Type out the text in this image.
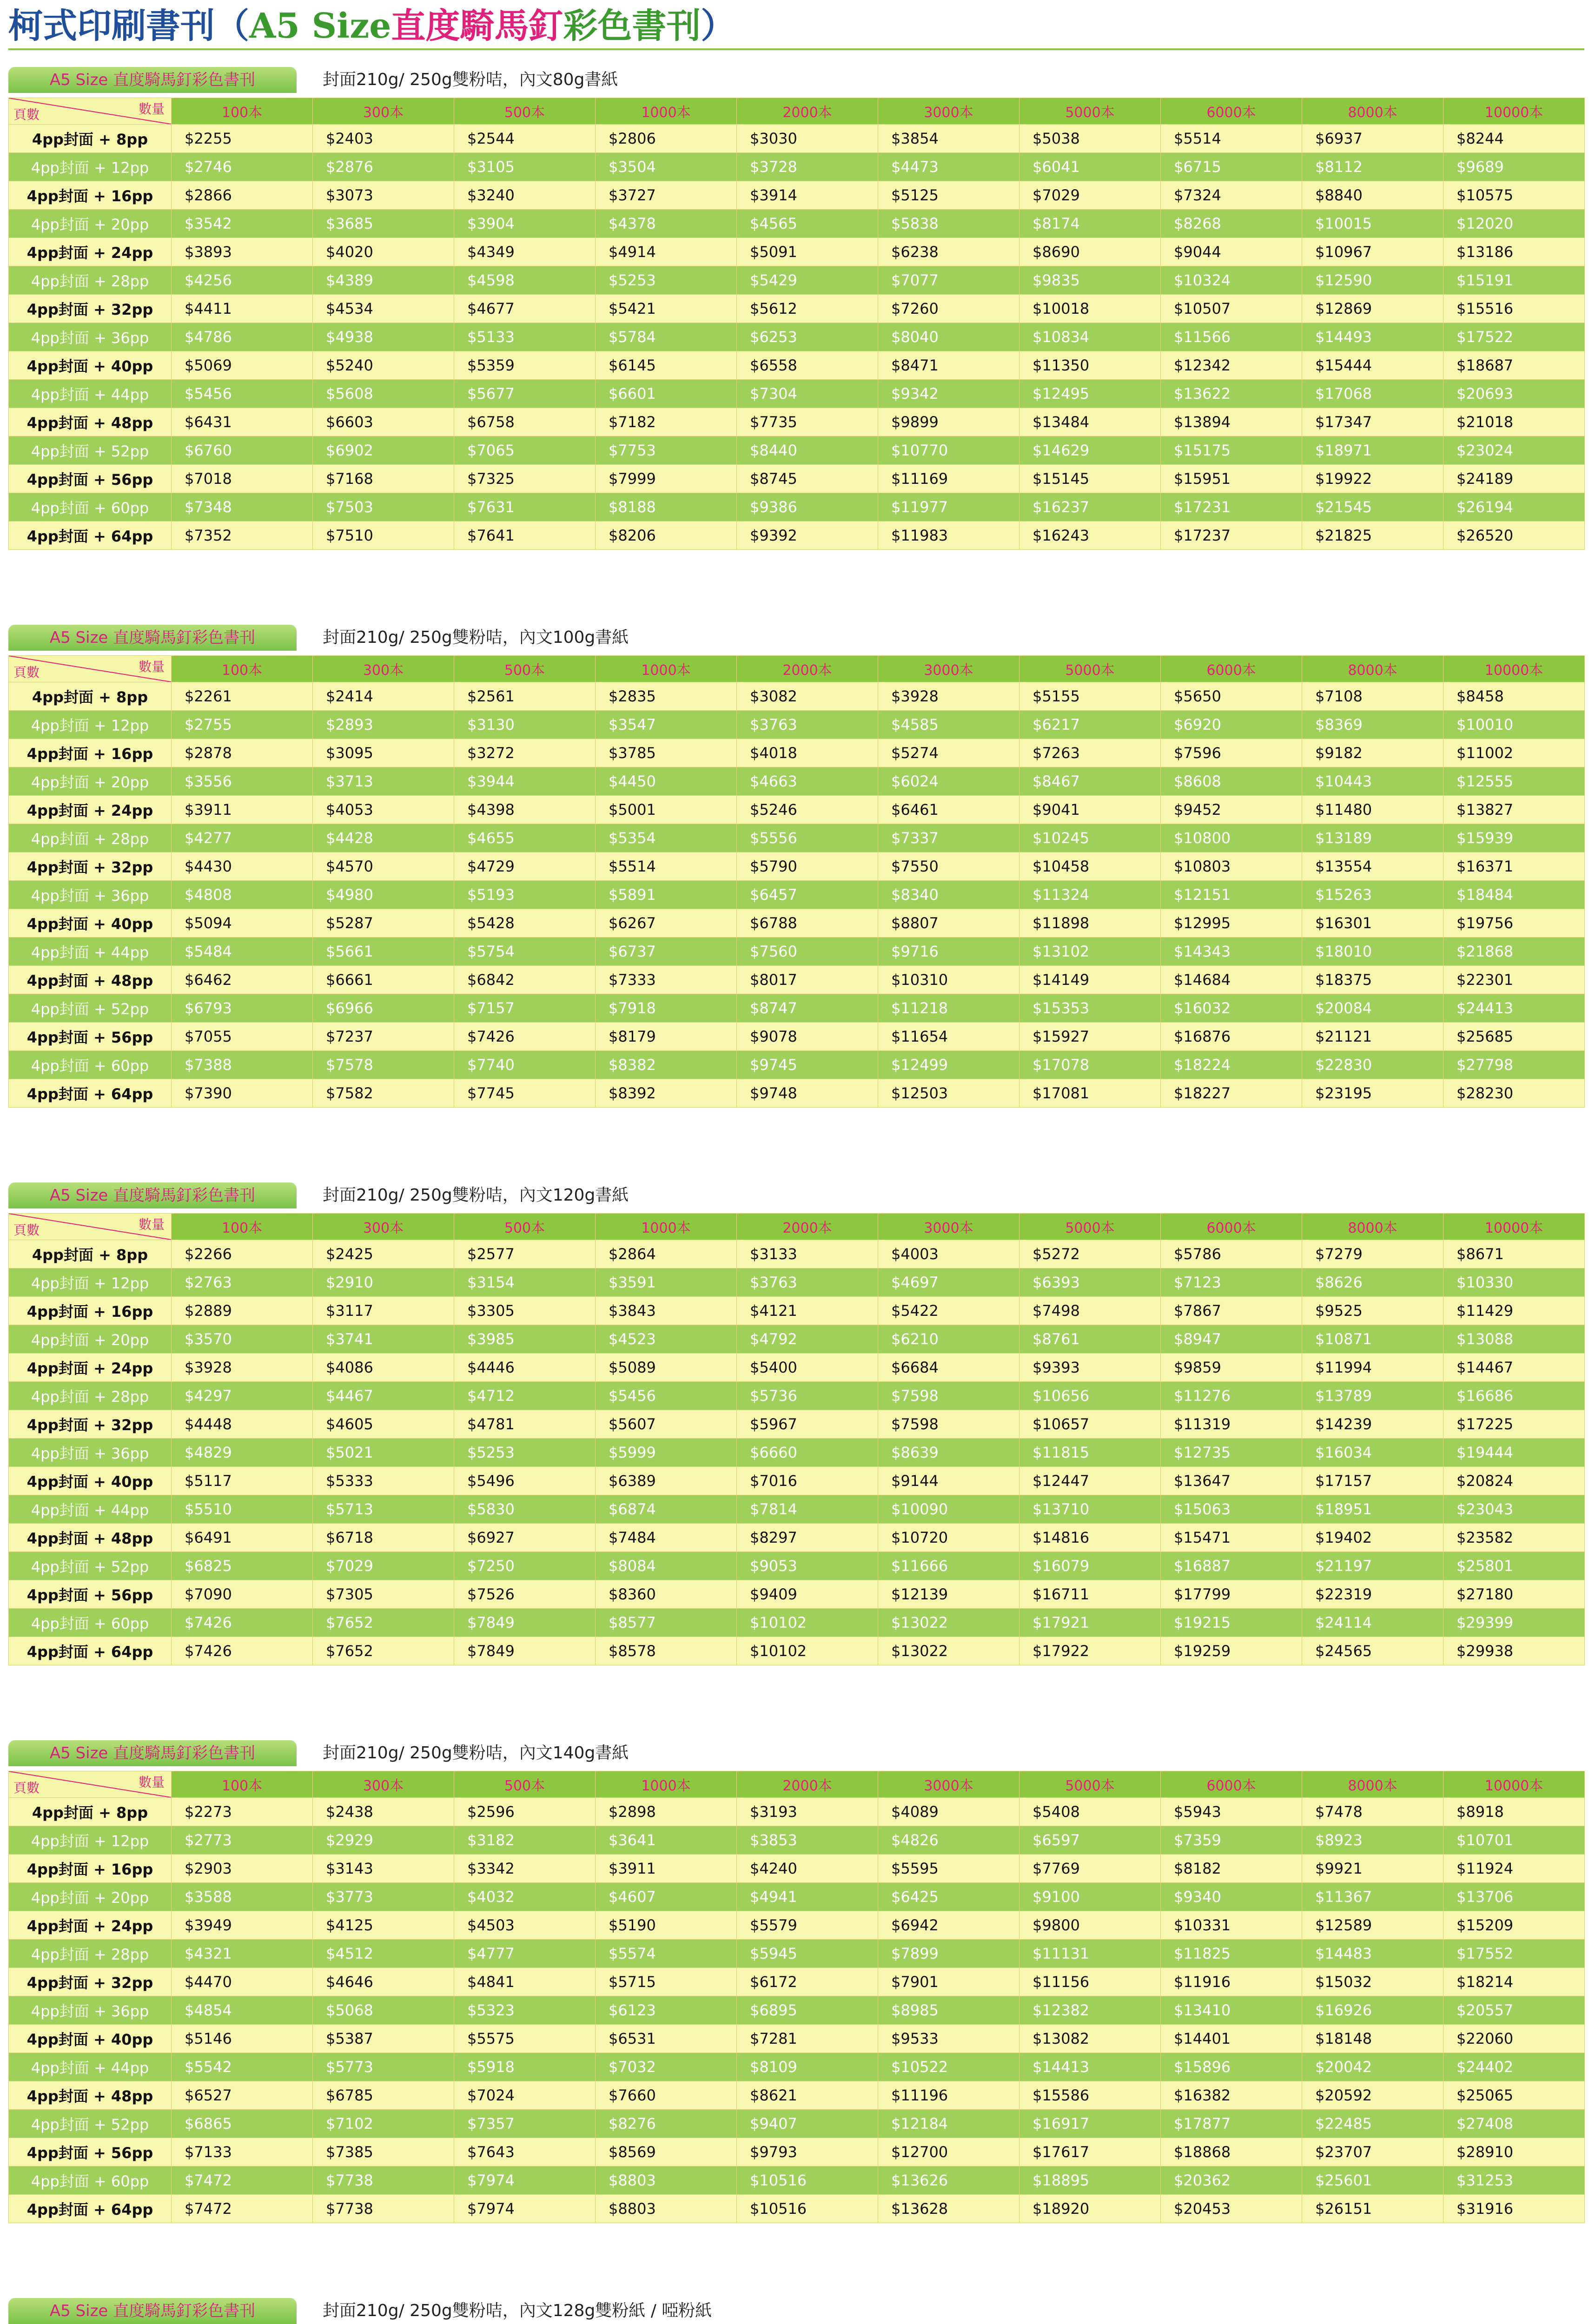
柯式印刷書刊（A5 Size直度騎馬釘彩色書刊）
A5 Size 直度騎馬釘彩色書刊	封面210g/ 250g雙粉咭，內文80g書紙
數量
頁數	100本	300本	500本	1000本	2000本	3000本	5000本	6000本	8000本	10000本
4pp封面 + 8pp	$2255	$2403	$2544	$2806	$3030	$3854	$5038	$5514	$6937	$8244
4pp封面 + 12pp	$2746	$2876	$3105	$3504	$3728	$4473	$6041	$6715	$8112	$9689
4pp封面 + 16pp	$2866	$3073	$3240	$3727	$3914	$5125	$7029	$7324	$8840	$10575
4pp封面 + 20pp	$3542	$3685	$3904	$4378	$4565	$5838	$8174	$8268	$10015	$12020
4pp封面 + 24pp	$3893	$4020	$4349	$4914	$5091	$6238	$8690	$9044	$10967	$13186
4pp封面 + 28pp	$4256	$4389	$4598	$5253	$5429	$7077	$9835	$10324	$12590	$15191
4pp封面 + 32pp	$4411	$4534	$4677	$5421	$5612	$7260	$10018	$10507	$12869	$15516
4pp封面 + 36pp	$4786	$4938	$5133	$5784	$6253	$8040	$10834	$11566	$14493	$17522
4pp封面 + 40pp	$5069	$5240	$5359	$6145	$6558	$8471	$11350	$12342	$15444	$18687
4pp封面 + 44pp	$5456	$5608	$5677	$6601	$7304	$9342	$12495	$13622	$17068	$20693
4pp封面 + 48pp	$6431	$6603	$6758	$7182	$7735	$9899	$13484	$13894	$17347	$21018
4pp封面 + 52pp	$6760	$6902	$7065	$7753	$8440	$10770	$14629	$15175	$18971	$23024
4pp封面 + 56pp	$7018	$7168	$7325	$7999	$8745	$11169	$15145	$15951	$19922	$24189
4pp封面 + 60pp	$7348	$7503	$7631	$8188	$9386	$11977	$16237	$17231	$21545	$26194
4pp封面 + 64pp	$7352	$7510	$7641	$8206	$9392	$11983	$16243	$17237	$21825	$26520
A5 Size 直度騎馬釘彩色書刊	封面210g/ 250g雙粉咭，內文100g書紙
數量
頁數	100本	300本	500本	1000本	2000本	3000本	5000本	6000本	8000本	10000本
4pp封面 + 8pp	$2261	$2414	$2561	$2835	$3082	$3928	$5155	$5650	$7108	$8458
4pp封面 + 12pp	$2755	$2893	$3130	$3547	$3763	$4585	$6217	$6920	$8369	$10010
4pp封面 + 16pp	$2878	$3095	$3272	$3785	$4018	$5274	$7263	$7596	$9182	$11002
4pp封面 + 20pp	$3556	$3713	$3944	$4450	$4663	$6024	$8467	$8608	$10443	$12555
4pp封面 + 24pp	$3911	$4053	$4398	$5001	$5246	$6461	$9041	$9452	$11480	$13827
4pp封面 + 28pp	$4277	$4428	$4655	$5354	$5556	$7337	$10245	$10800	$13189	$15939
4pp封面 + 32pp	$4430	$4570	$4729	$5514	$5790	$7550	$10458	$10803	$13554	$16371
4pp封面 + 36pp	$4808	$4980	$5193	$5891	$6457	$8340	$11324	$12151	$15263	$18484
4pp封面 + 40pp	$5094	$5287	$5428	$6267	$6788	$8807	$11898	$12995	$16301	$19756
4pp封面 + 44pp	$5484	$5661	$5754	$6737	$7560	$9716	$13102	$14343	$18010	$21868
4pp封面 + 48pp	$6462	$6661	$6842	$7333	$8017	$10310	$14149	$14684	$18375	$22301
4pp封面 + 52pp	$6793	$6966	$7157	$7918	$8747	$11218	$15353	$16032	$20084	$24413
4pp封面 + 56pp	$7055	$7237	$7426	$8179	$9078	$11654	$15927	$16876	$21121	$25685
4pp封面 + 60pp	$7388	$7578	$7740	$8382	$9745	$12499	$17078	$18224	$22830	$27798
4pp封面 + 64pp	$7390	$7582	$7745	$8392	$9748	$12503	$17081	$18227	$23195	$28230
A5 Size 直度騎馬釘彩色書刊	封面210g/ 250g雙粉咭，內文120g書紙
數量
頁數	100本	300本	500本	1000本	2000本	3000本	5000本	6000本	8000本	10000本
4pp封面 + 8pp	$2266	$2425	$2577	$2864	$3133	$4003	$5272	$5786	$7279	$8671
4pp封面 + 12pp	$2763	$2910	$3154	$3591	$3763	$4697	$6393	$7123	$8626	$10330
4pp封面 + 16pp	$2889	$3117	$3305	$3843	$4121	$5422	$7498	$7867	$9525	$11429
4pp封面 + 20pp	$3570	$3741	$3985	$4523	$4792	$6210	$8761	$8947	$10871	$13088
4pp封面 + 24pp	$3928	$4086	$4446	$5089	$5400	$6684	$9393	$9859	$11994	$14467
4pp封面 + 28pp	$4297	$4467	$4712	$5456	$5736	$7598	$10656	$11276	$13789	$16686
4pp封面 + 32pp	$4448	$4605	$4781	$5607	$5967	$7598	$10657	$11319	$14239	$17225
4pp封面 + 36pp	$4829	$5021	$5253	$5999	$6660	$8639	$11815	$12735	$16034	$19444
4pp封面 + 40pp	$5117	$5333	$5496	$6389	$7016	$9144	$12447	$13647	$17157	$20824
4pp封面 + 44pp	$5510	$5713	$5830	$6874	$7814	$10090	$13710	$15063	$18951	$23043
4pp封面 + 48pp	$6491	$6718	$6927	$7484	$8297	$10720	$14816	$15471	$19402	$23582
4pp封面 + 52pp	$6825	$7029	$7250	$8084	$9053	$11666	$16079	$16887	$21197	$25801
4pp封面 + 56pp	$7090	$7305	$7526	$8360	$9409	$12139	$16711	$17799	$22319	$27180
4pp封面 + 60pp	$7426	$7652	$7849	$8577	$10102	$13022	$17921	$19215	$24114	$29399
4pp封面 + 64pp	$7426	$7652	$7849	$8578	$10102	$13022	$17922	$19259	$24565	$29938
A5 Size 直度騎馬釘彩色書刊	封面210g/ 250g雙粉咭，內文140g書紙
數量
頁數	100本	300本	500本	1000本	2000本	3000本	5000本	6000本	8000本	10000本
4pp封面 + 8pp	$2273	$2438	$2596	$2898	$3193	$4089	$5408	$5943	$7478	$8918
4pp封面 + 12pp	$2773	$2929	$3182	$3641	$3853	$4826	$6597	$7359	$8923	$10701
4pp封面 + 16pp	$2903	$3143	$3342	$3911	$4240	$5595	$7769	$8182	$9921	$11924
4pp封面 + 20pp	$3588	$3773	$4032	$4607	$4941	$6425	$9100	$9340	$11367	$13706
4pp封面 + 24pp	$3949	$4125	$4503	$5190	$5579	$6942	$9800	$10331	$12589	$15209
4pp封面 + 28pp	$4321	$4512	$4777	$5574	$5945	$7899	$11131	$11825	$14483	$17552
4pp封面 + 32pp	$4470	$4646	$4841	$5715	$6172	$7901	$11156	$11916	$15032	$18214
4pp封面 + 36pp	$4854	$5068	$5323	$6123	$6895	$8985	$12382	$13410	$16926	$20557
4pp封面 + 40pp	$5146	$5387	$5575	$6531	$7281	$9533	$13082	$14401	$18148	$22060
4pp封面 + 44pp	$5542	$5773	$5918	$7032	$8109	$10522	$14413	$15896	$20042	$24402
4pp封面 + 48pp	$6527	$6785	$7024	$7660	$8621	$11196	$15586	$16382	$20592	$25065
4pp封面 + 52pp	$6865	$7102	$7357	$8276	$9407	$12184	$16917	$17877	$22485	$27408
4pp封面 + 56pp	$7133	$7385	$7643	$8569	$9793	$12700	$17617	$18868	$23707	$28910
4pp封面 + 60pp	$7472	$7738	$7974	$8803	$10516	$13626	$18895	$20362	$25601	$31253
4pp封面 + 64pp	$7472	$7738	$7974	$8803	$10516	$13628	$18920	$20453	$26151	$31916
A5 Size 直度騎馬釘彩色書刊	封面210g/ 250g雙粉咭，內文128g雙粉紙 / 啞粉紙
